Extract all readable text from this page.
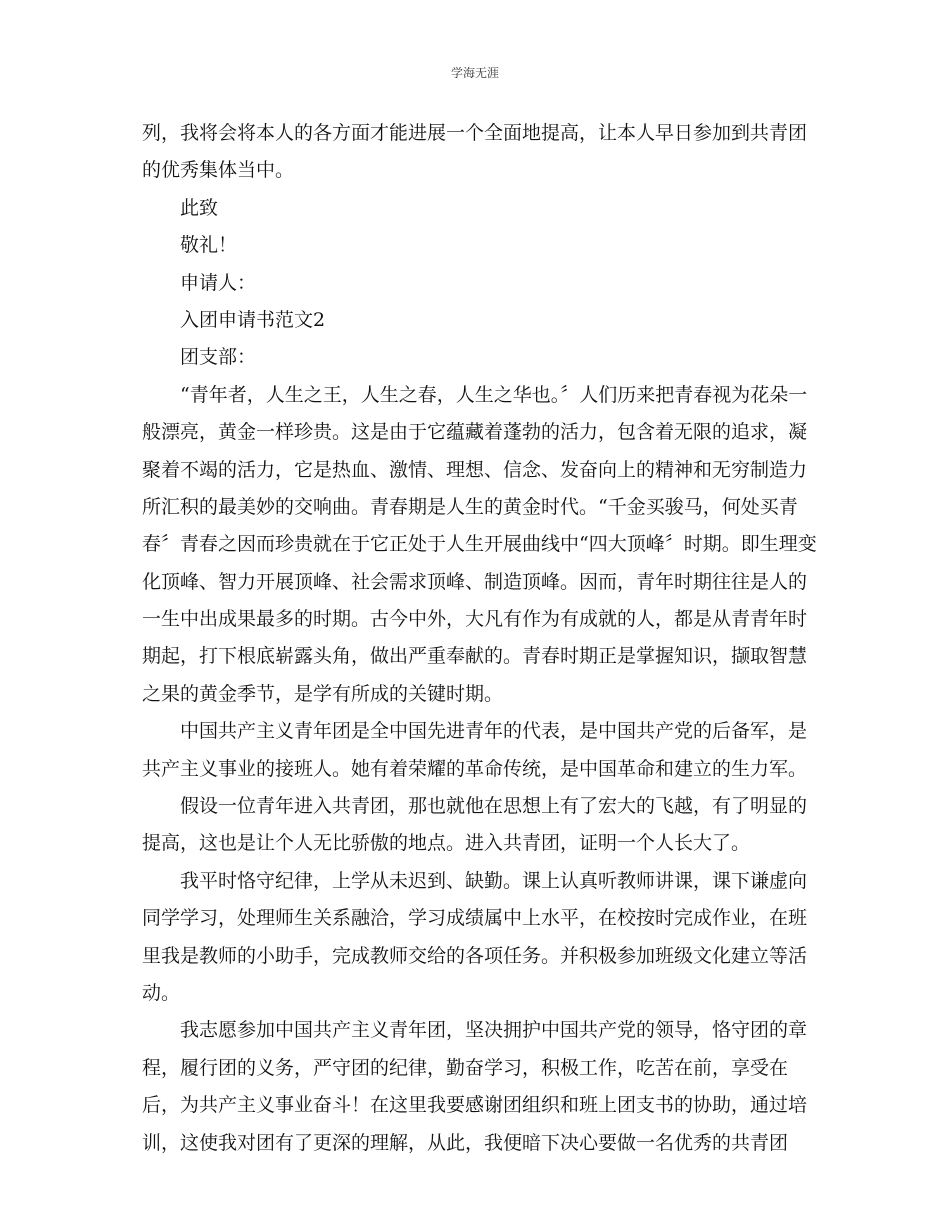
学海无涯
列，我将会将本人的各方面才能进展一个全面地提高，让本人早日参加到共青团
的优秀集体当中。
此致
敬礼！
申请人：
入团申请书范文2
团支部：
“青年者，人生之王，人生之春，人生之华也。〞人们历来把青春视为花朵一
般漂亮，黄金一样珍贵。这是由于它蕴藏着蓬勃的活力，包含着无限的追求，凝
聚着不竭的活力，它是热血、激情、理想、信念、发奋向上的精神和无穷制造力
所汇积的最美妙的交响曲。青春期是人生的黄金时代。“千金买骏马，何处买青
春〞青春之因而珍贵就在于它正处于人生开展曲线中“四大顶峰〞时期。即生理变
化顶峰、智力开展顶峰、社会需求顶峰、制造顶峰。因而，青年时期往往是人的
一生中出成果最多的时期。古今中外，大凡有作为有成就的人，都是从青青年时
期起，打下根底崭露头角，做出严重奉献的。青春时期正是掌握知识，撷取智慧
之果的黄金季节，是学有所成的关键时期。
中国共产主义青年团是全中国先进青年的代表，是中国共产党的后备军，是
共产主义事业的接班人。她有着荣耀的革命传统，是中国革命和建立的生力军。
假设一位青年进入共青团，那也就他在思想上有了宏大的飞越，有了明显的
提高，这也是让个人无比骄傲的地点。进入共青团，证明一个人长大了。
我平时恪守纪律，上学从未迟到、缺勤。课上认真听教师讲课，课下谦虚向
同学学习，处理师生关系融洽，学习成绩属中上水平，在校按时完成作业，在班
里我是教师的小助手，完成教师交给的各项任务。并积极参加班级文化建立等活
动。
我志愿参加中国共产主义青年团，坚决拥护中国共产党的领导，恪守团的章
程，履行团的义务，严守团的纪律，勤奋学习，积极工作，吃苦在前，享受在
后，为共产主义事业奋斗！在这里我要感谢团组织和班上团支书的协助，通过培
训，这使我对团有了更深的理解，从此，我便暗下决心要做一名优秀的共青团
